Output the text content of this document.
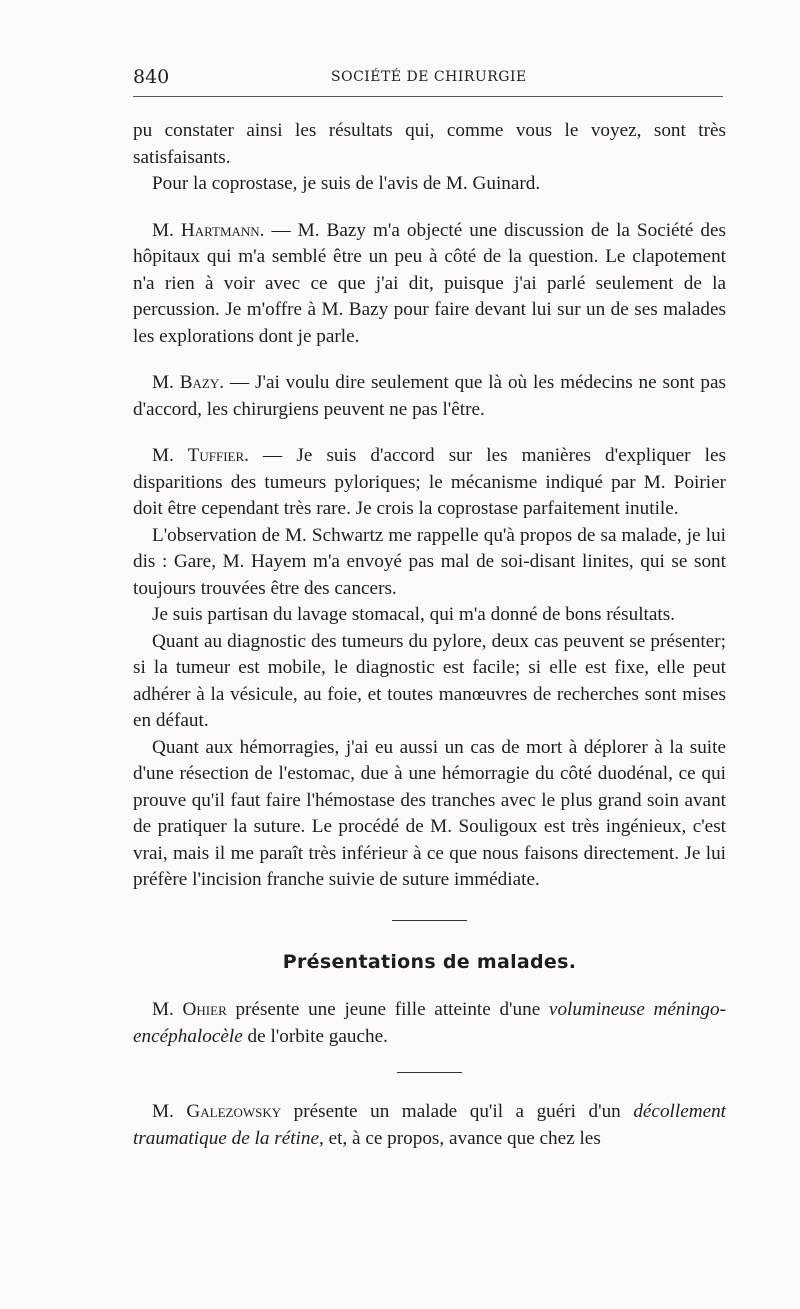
840	SOCIÉTÉ DE CHIRURGIE

pu constater ainsi les résultats qui, comme vous le voyez, sont très satisfaisants.

Pour la coprostase, je suis de l'avis de M. Guinard.

M. Hartmann. — M. Bazy m'a objecté une discussion de la Société des hôpitaux qui m'a semblé être un peu à côté de la question. Le clapotement n'a rien à voir avec ce que j'ai dit, puisque j'ai parlé seulement de la percussion. Je m'offre à M. Bazy pour faire devant lui sur un de ses malades les explorations dont je parle.

M. Bazy. — J'ai voulu dire seulement que là où les médecins ne sont pas d'accord, les chirurgiens peuvent ne pas l'être.

M. Tuffier. — Je suis d'accord sur les manières d'expliquer les disparitions des tumeurs pyloriques; le mécanisme indiqué par M. Poirier doit être cependant très rare. Je crois la coprostase parfaitement inutile.

L'observation de M. Schwartz me rappelle qu'à propos de sa malade, je lui dis : Gare, M. Hayem m'a envoyé pas mal de soi-disant linites, qui se sont toujours trouvées être des cancers.

Je suis partisan du lavage stomacal, qui m'a donné de bons résultats.

Quant au diagnostic des tumeurs du pylore, deux cas peuvent se présenter; si la tumeur est mobile, le diagnostic est facile; si elle est fixe, elle peut adhérer à la vésicule, au foie, et toutes manœuvres de recherches sont mises en défaut.

Quant aux hémorragies, j'ai eu aussi un cas de mort à déplorer à la suite d'une résection de l'estomac, due à une hémorragie du côté duodénal, ce qui prouve qu'il faut faire l'hémostase des tranches avec le plus grand soin avant de pratiquer la suture. Le procédé de M. Souligoux est très ingénieux, c'est vrai, mais il me paraît très inférieur à ce que nous faisons directement. Je lui préfère l'incision franche suivie de suture immédiate.

Présentations de malades.

M. Ohier présente une jeune fille atteinte d'une volumineuse méningo-encéphalocèle de l'orbite gauche.

M. Galezowsky présente un malade qu'il a guéri d'un décollement traumatique de la rétine, et, à ce propos, avance que chez les
